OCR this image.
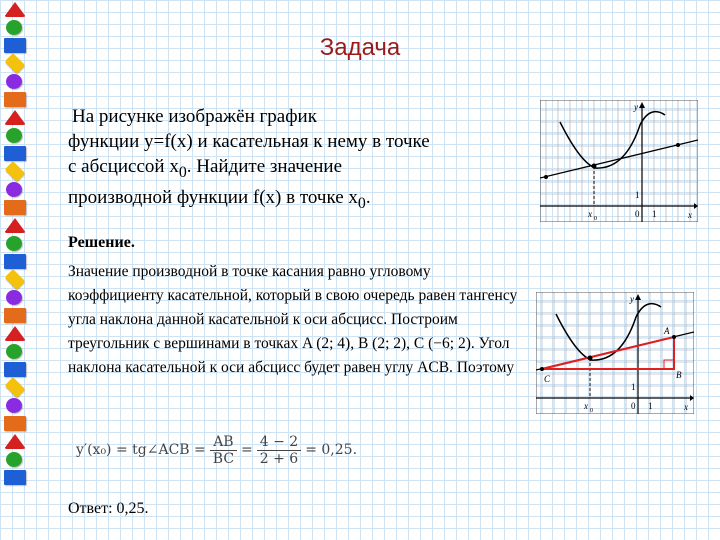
Задача
На рисунке изображён график
функции y=f(x) и касательная к нему в точке
с абсциссой $x_0$. Найдите значение
производной функции f(x) в точке $x_0$.
Решение.
Значение производной в точке касания равно угловому коэффициенту касательной, который в свою очередь равен тангенсу угла наклона данной касательной к оси абсцисс. Построим треугольник с вершинами в точках A (2; 4), B (2; 2), C (−6; 2). Угол наклона касательной к оси абсцисс будет равен углу ACB. Поэтому
y′(x₀) = tg∠ACB = $\frac{AB}{BC} = \frac{4 - 2}{2 + 6} = 0,25$.
Ответ: 0,25.
y
x
0 1
1
x 0
C
A
B
y
x
0 1
1
x 0
